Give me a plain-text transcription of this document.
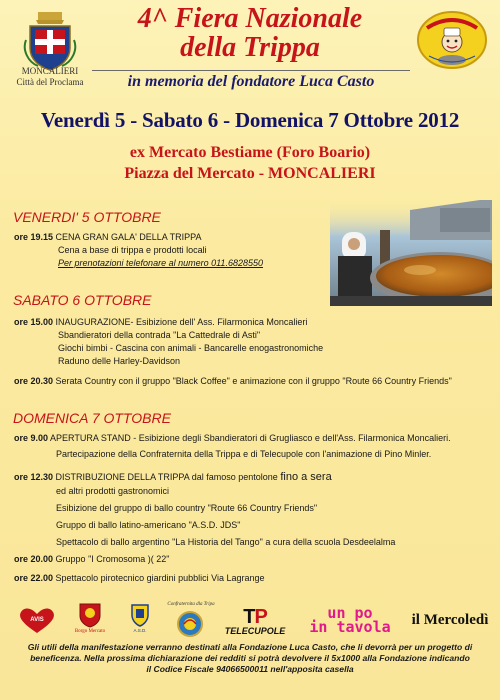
MONCALIERI
Città del Proclama
4^ Fiera Nazionale
della Trippa
in memoria del fondatore Luca Casto
Venerdì 5 - Sabato 6 - Domenica 7 Ottobre 2012
ex Mercato Bestiame (Foro Boario)
Piazza del Mercato - MONCALIERI
VENERDI' 5 OTTOBRE
ore 19.15 CENA GRAN GALA' DELLA TRIPPA
Cena a base di trippa e prodotti locali
Per prenotazioni telefonare al numero 011.6828550
SABATO 6 OTTOBRE
ore 15.00 INAUGURAZIONE- Esibizione dell' Ass. Filarmonica Moncalieri
Sbandieratori della contrada "La Cattedrale di Asti"
Giochi bimbi - Cascina con animali - Bancarelle enogastronomiche
Raduno delle Harley-Davidson
ore 20.30 Serata Country con il gruppo "Black Coffee" e animazione con il gruppo "Route 66 Country Friends"
DOMENICA 7 OTTOBRE
ore 9.00 APERTURA STAND - Esibizione degli Sbandieratori di Grugliasco e dell'Ass. Filarmonica Moncalieri.
Partecipazione della Confraternita della Trippa e di Telecupole con l'animazione di Pino Minler.
ore 12.30 DISTRIBUZIONE DELLA TRIPPA dal famoso pentolone fino a sera
ed altri prodotti gastronomici
Esibizione del gruppo di ballo country "Route 66 Country Friends"
Gruppo di ballo latino-americano "A.S.D. JDS"
Spettacolo di ballo argentino "La Historia del Tango" a cura della scuola Desdeelalma
ore 20.00 Gruppo "I Cromosoma )( 22"
ore 22.00 Spettacolo pirotecnico giardini pubblici Via Lagrange
AVIS
Borgo Mercato	A.S.D.
Confraternita dla Tripa
TP
TELECUPOLE
un po
in tavola	il Mercoledì
Gli utili della manifestazione verranno destinati alla Fondazione Luca Casto, che li devorrà per un progetto di
beneficenza. Nella prossima dichiarazione dei redditi si potrà devolvere il 5x1000 alla Fondazione indicando
il Codice Fiscale 94066500011 nell'apposita casella
